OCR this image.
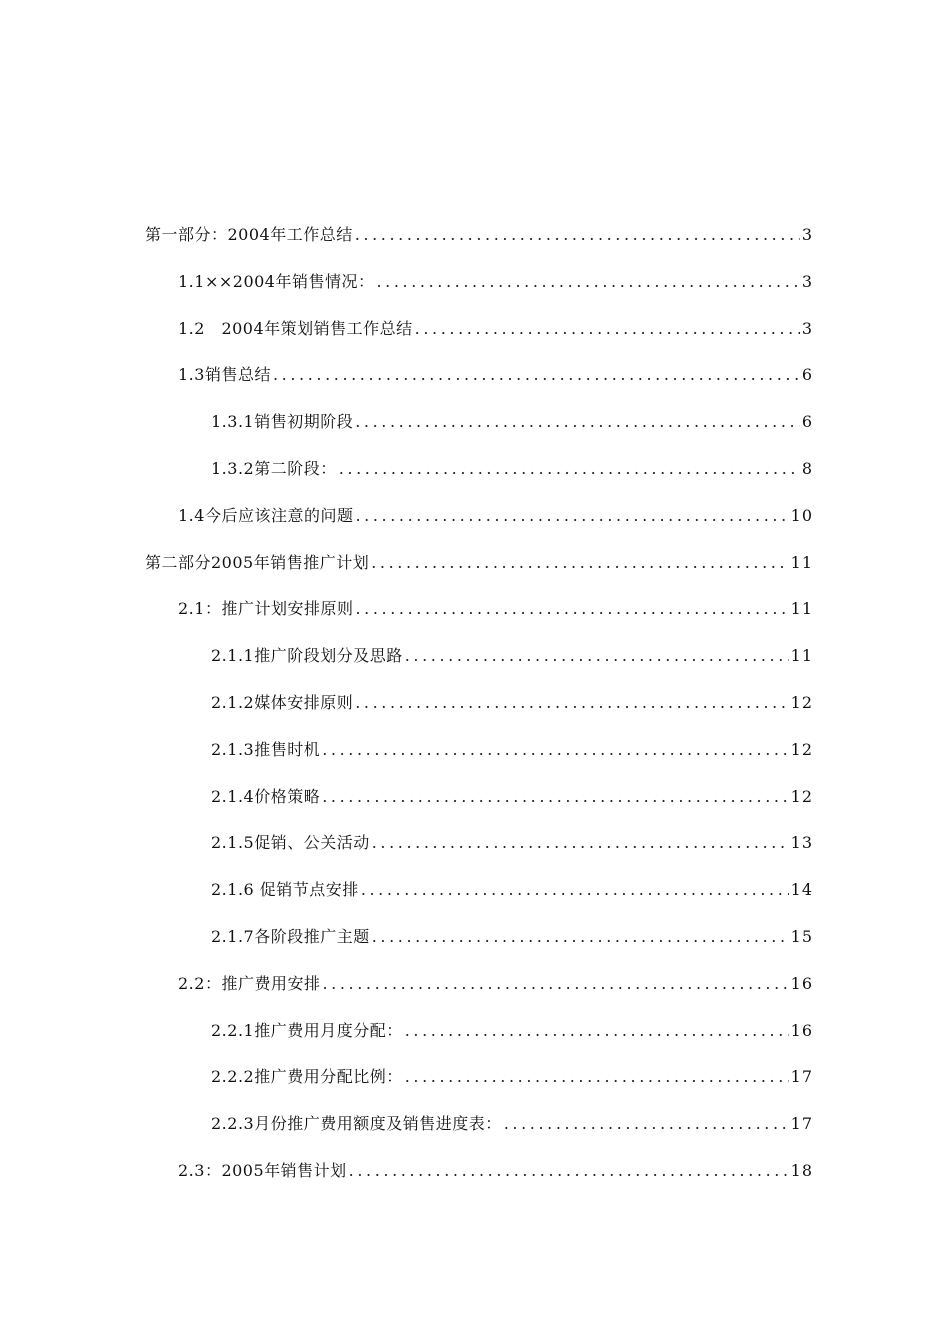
第一部分：2004年工作总结 .....	3
1.1××2004年销售情况： .....	3
1.2　2004年策划销售工作总结 .....	3
1.3销售总结 .....	6
1.3.1销售初期阶段 .....	6
1.3.2第二阶段： .....	8
1.4今后应该注意的问题 .....	10
第二部分2005年销售推广计划 .....	11
2.1：推广计划安排原则 .....	11
2.1.1推广阶段划分及思路 .....	11
2.1.2媒体安排原则 .....	12
2.1.3推售时机 .....	12
2.1.4价格策略 .....	12
2.1.5促销、公关活动 .....	13
2.1.6 促销节点安排 .....	14
2.1.7各阶段推广主题 .....	15
2.2：推广费用安排 .....	16
2.2.1推广费用月度分配： .....	16
2.2.2推广费用分配比例： .....	17
2.2.3月份推广费用额度及销售进度表： .....	17
2.3：2005年销售计划 .....	18
